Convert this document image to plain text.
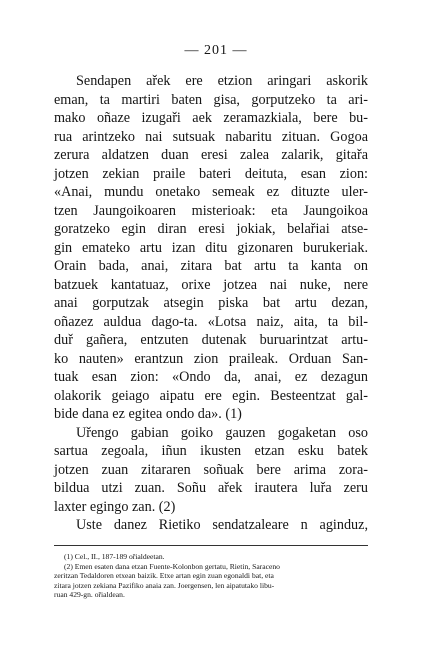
— 201 —
Sendapen ařek ere etzion aringari askorik
eman, ta martiri baten gisa, gorputzeko ta ari-
mako oñaze izugaři aek zeramazkiala, bere bu-
rua arintzeko nai sutsuak nabaritu zituan. Gogoa
zerura aldatzen duan eresi zalea zalarik, gitařa
jotzen zekian praile bateri deituta, esan zion:
«Anai, mundu onetako semeak ez dituzte uler-
tzen Jaungoikoaren misterioak: eta Jaungoikoa
goratzeko egin diran eresi jokiak, belařiai atse-
gin emateko artu izan ditu gizonaren burukeriak.
Orain bada, anai, zitara bat artu ta kanta on
batzuek kantatuaz, orixe jotzea nai nuke, nere
anai gorputzak atsegin piska bat artu dezan,
oñazez auldua dago-ta. «Lotsa naiz, aita, ta bil-
duř gañera, entzuten dutenak buruarintzat artu-
ko nauten» erantzun zion praileak. Orduan San-
tuak esan zion: «Ondo da, anai, ez dezagun
olakorik geiago aipatu ere egin. Besteentzat gal-
bide dana ez egitea ondo da». (1)
Uřengo gabian goiko gauzen gogaketan oso
sartua zegoala, iñun ikusten etzan esku batek
jotzen zuan zitararen soñuak bere arima zora-
bildua utzi zuan. Soñu ařek irautera luřa zeru
laxter egingo zan. (2)
Uste danez Rietiko sendatzaleare n aginduz,
(1) Cel., II., 187-189 ořialdeetan.
(2) Emen esaten dana etzan Fuente-Kolonbon gertatu, Rietin, Saraceno
zeritzan Tedaldoren etxean baizik. Etxe artan egin zuan egonaldi bat, eta
zitara jotzen zekiana Pazifiko anaia zan. Joergensen, len aipatutako libu-
ruan 429-gn. ořialdean.
